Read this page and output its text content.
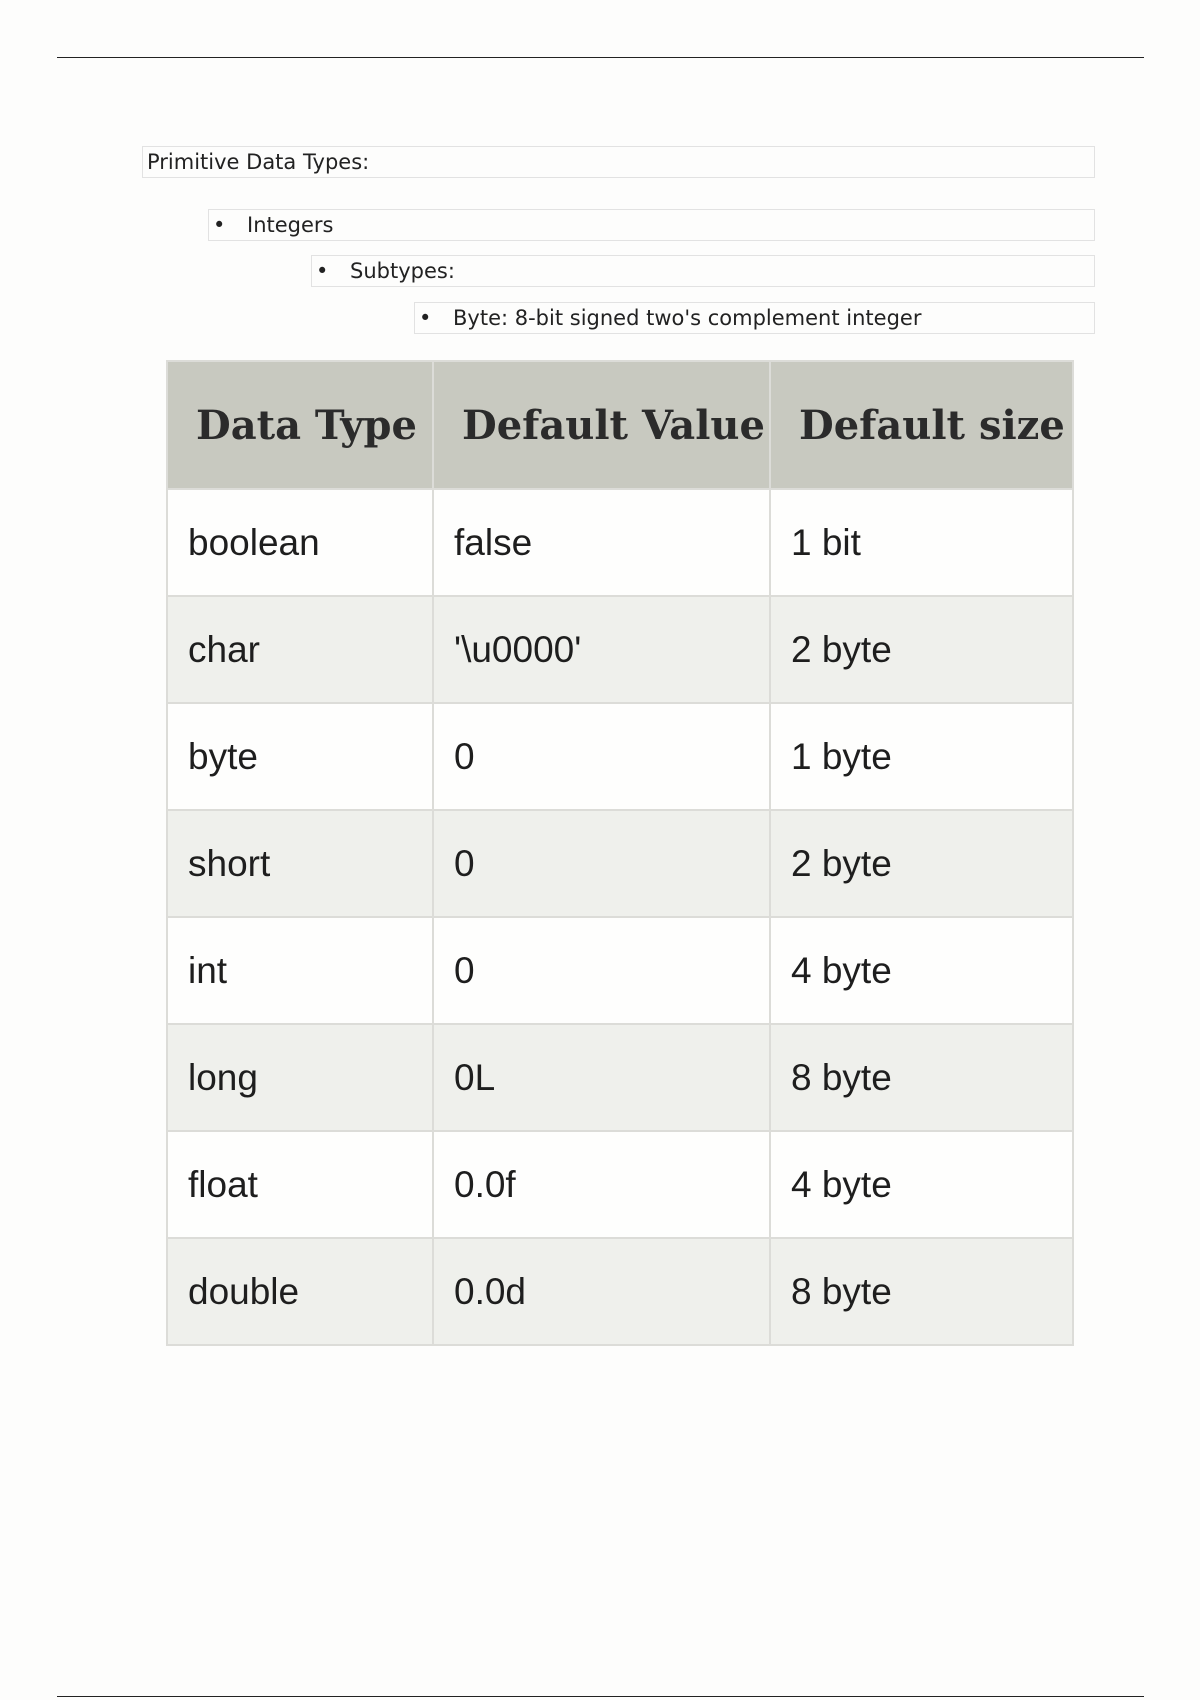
Primitive Data Types:
•	Integers
•	Subtypes:
•	Byte: 8-bit signed two's complement integer
Data Type	Default Value	Default size
boolean	false	1 bit
char	'\u0000'	2 byte
byte	0	1 byte
short	0	2 byte
int	0	4 byte
long	0L	8 byte
float	0.0f	4 byte
double	0.0d	8 byte
